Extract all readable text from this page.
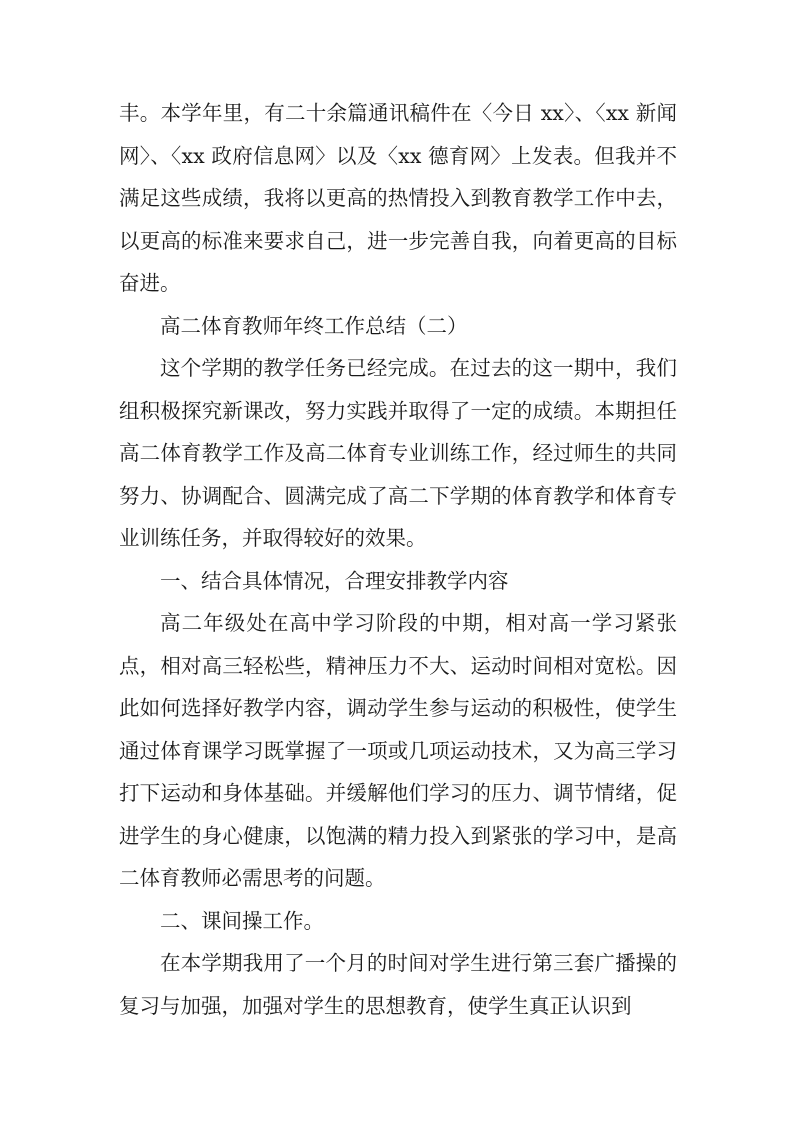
丰。本学年里，有二十余篇通讯稿件在〈今日 xx〉、〈xx 新闻网〉、〈xx 政府信息网〉以及〈xx 德育网〉上发表。但我并不满足这些成绩，我将以更高的热情投入到教育教学工作中去，以更高的标准来要求自己，进一步完善自我，向着更高的目标奋进。

高二体育教师年终工作总结（二）

这个学期的教学任务已经完成。在过去的这一期中，我们组积极探究新课改，努力实践并取得了一定的成绩。本期担任高二体育教学工作及高二体育专业训练工作，经过师生的共同努力、协调配合、圆满完成了高二下学期的体育教学和体育专业训练任务，并取得较好的效果。

一、结合具体情况，合理安排教学内容

高二年级处在高中学习阶段的中期，相对高一学习紧张点，相对高三轻松些，精神压力不大、运动时间相对宽松。因此如何选择好教学内容，调动学生参与运动的积极性，使学生通过体育课学习既掌握了一项或几项运动技术，又为高三学习打下运动和身体基础。并缓解他们学习的压力、调节情绪，促进学生的身心健康，以饱满的精力投入到紧张的学习中，是高二体育教师必需思考的问题。

二、课间操工作。

在本学期我用了一个月的时间对学生进行第三套广播操的复习与加强，加强对学生的思想教育，使学生真正认识到
